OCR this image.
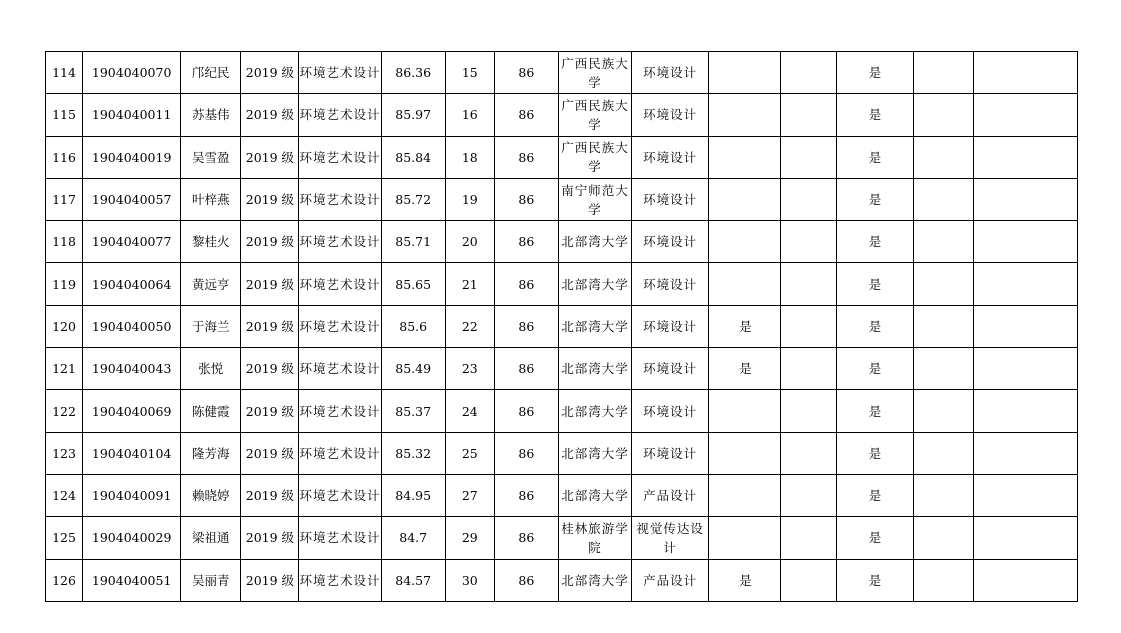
114	1904040070	邝纪民	2019 级	环境艺术设计	86.36	15	86	广西民族大学	环境设计			是		
115	1904040011	苏基伟	2019 级	环境艺术设计	85.97	16	86	广西民族大学	环境设计			是		
116	1904040019	吴雪盈	2019 级	环境艺术设计	85.84	18	86	广西民族大学	环境设计			是		
117	1904040057	叶梓燕	2019 级	环境艺术设计	85.72	19	86	南宁师范大学	环境设计			是		
118	1904040077	黎桂火	2019 级	环境艺术设计	85.71	20	86	北部湾大学	环境设计			是		
119	1904040064	黄远亨	2019 级	环境艺术设计	85.65	21	86	北部湾大学	环境设计			是		
120	1904040050	于海兰	2019 级	环境艺术设计	85.6	22	86	北部湾大学	环境设计	是		是		
121	1904040043	张悦	2019 级	环境艺术设计	85.49	23	86	北部湾大学	环境设计	是		是		
122	1904040069	陈健霞	2019 级	环境艺术设计	85.37	24	86	北部湾大学	环境设计			是		
123	1904040104	隆芳海	2019 级	环境艺术设计	85.32	25	86	北部湾大学	环境设计			是		
124	1904040091	赖晓婷	2019 级	环境艺术设计	84.95	27	86	北部湾大学	产品设计			是		
125	1904040029	梁祖通	2019 级	环境艺术设计	84.7	29	86	桂林旅游学院	视觉传达设计			是		
126	1904040051	吴丽青	2019 级	环境艺术设计	84.57	30	86	北部湾大学	产品设计	是		是		
